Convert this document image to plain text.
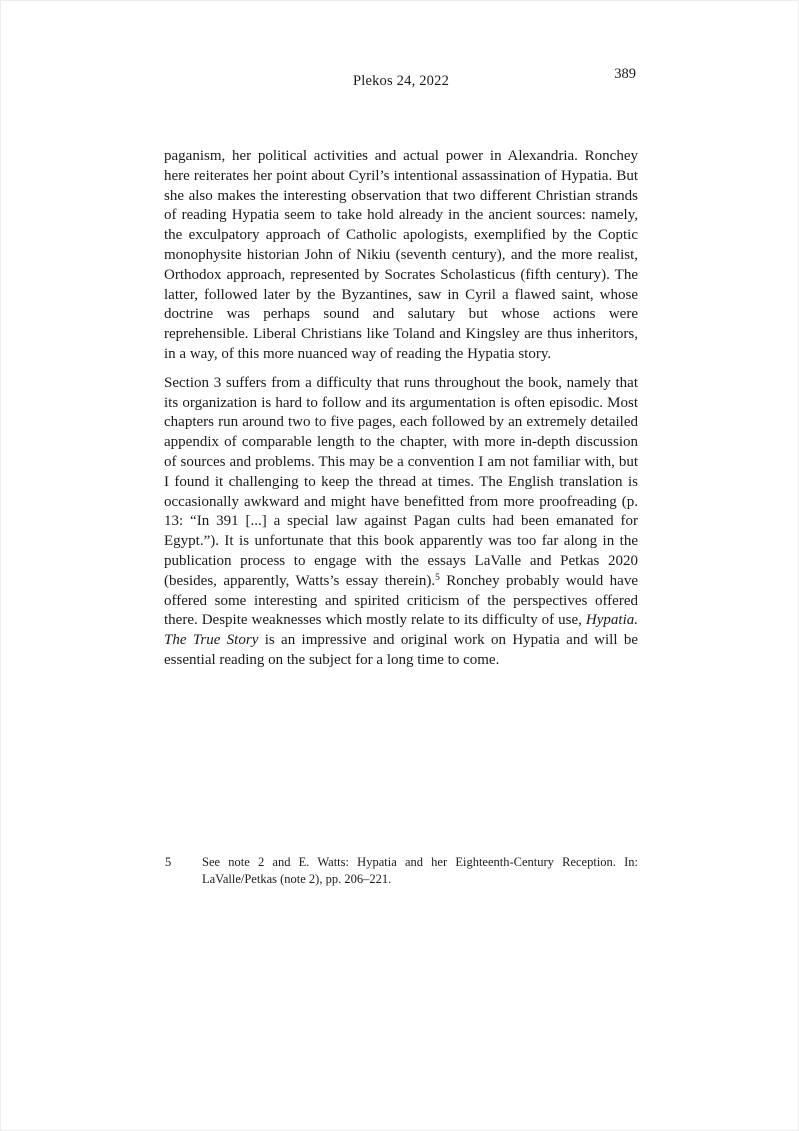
Plekos 24, 2022	389

paganism, her political activities and actual power in Alexandria. Ronchey here reiterates her point about Cyril’s intentional assassination of Hypatia. But she also makes the interesting observation that two different Christian strands of reading Hypatia seem to take hold already in the ancient sources: namely, the exculpatory approach of Catholic apologists, exemplified by the Coptic monophysite historian John of Nikiu (seventh century), and the more realist, Orthodox approach, represented by Socrates Scholasticus (fifth century). The latter, followed later by the Byzantines, saw in Cyril a flawed saint, whose doctrine was perhaps sound and salutary but whose actions were reprehensible. Liberal Christians like Toland and Kingsley are thus inheritors, in a way, of this more nuanced way of reading the Hypatia story.

Section 3 suffers from a difficulty that runs throughout the book, namely that its organization is hard to follow and its argumentation is often episodic. Most chapters run around two to five pages, each followed by an extremely detailed appendix of comparable length to the chapter, with more in-depth discussion of sources and problems. This may be a convention I am not familiar with, but I found it challenging to keep the thread at times. The English translation is occasionally awkward and might have benefitted from more proofreading (p. 13: “In 391 [...] a special law against Pagan cults had been emanated for Egypt.”). It is unfortunate that this book apparently was too far along in the publication process to engage with the essays LaValle and Petkas 2020 (besides, apparently, Watts’s essay therein).$^5$ Ronchey probably would have offered some interesting and spirited criticism of the perspectives offered there. Despite weaknesses which mostly relate to its difficulty of use, Hypatia. The True Story is an impressive and original work on Hypatia and will be essential reading on the subject for a long time to come.

5 See note 2 and E. Watts: Hypatia and her Eighteenth-Century Reception. In: LaValle/Petkas (note 2), pp. 206–221.
